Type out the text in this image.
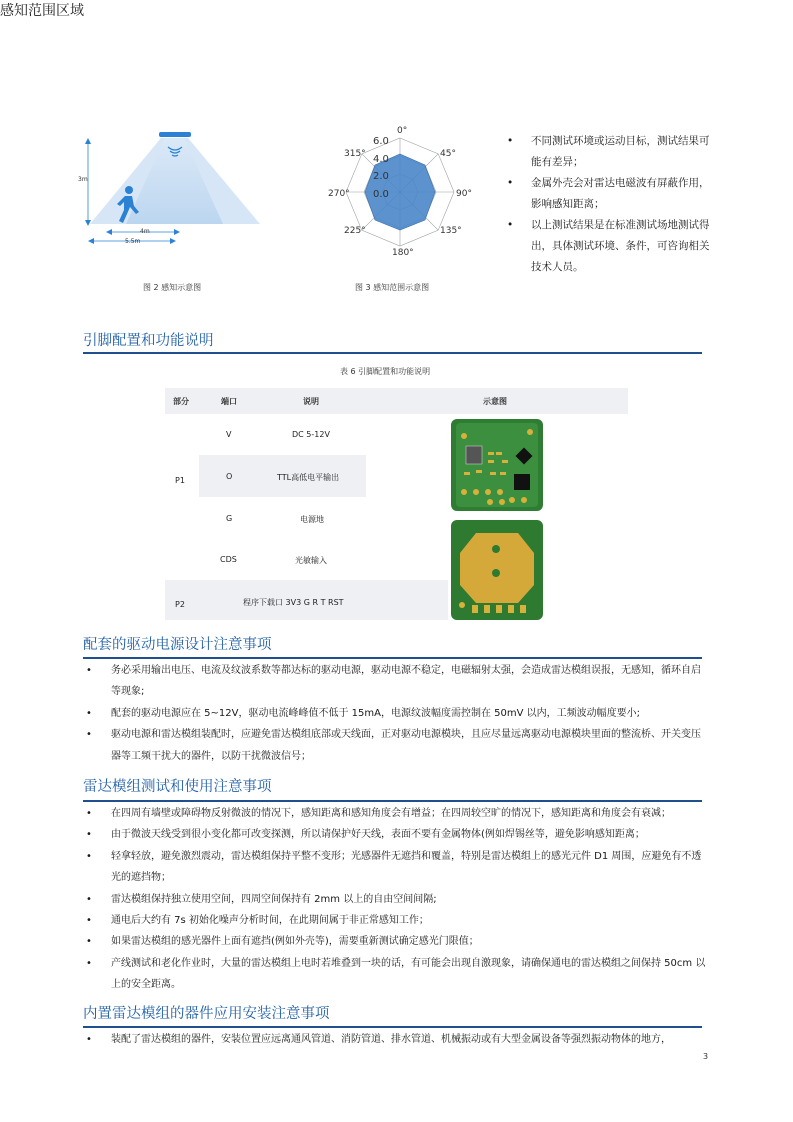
感知范围区域
3m
4m
5.5m
图 2 感知示意图
6.0
4.0
2.0
0.0
0°
45°
90°
135°
180°
225°
270°
315°
图 3 感知范围示意图
• 不同测试环境或运动目标，测试结果可能有差异；
• 金属外壳会对雷达电磁波有屏蔽作用，影响感知距离；
• 以上测试结果是在标准测试场地测试得出，具体测试环境、条件，可咨询相关技术人员。
引脚配置和功能说明
表 6 引脚配置和功能说明
部分	端口	说明	示意图
V	DC 5-12V
O	TTL高低电平输出
P1
G	电源地
CDS	光敏输入
P2	程序下载口 3V3 G R T RST
配套的驱动电源设计注意事项
• 务必采用输出电压、电流及纹波系数等都达标的驱动电源，驱动电源不稳定，电磁辐射太强，会造成雷达模组误报，无感知，循环自启等现象;
• 配套的驱动电源应在 5~12V，驱动电流峰峰值不低于 15mA，电源纹波幅度需控制在 50mV 以内，工频波动幅度要小;
• 驱动电源和雷达模组装配时，应避免雷达模组底部或天线面，正对驱动电源模块，且应尽量远离驱动电源模块里面的整流桥、开关变压器等工频干扰大的器件，以防干扰微波信号；
雷达模组测试和使用注意事项
• 在四周有墙壁或障碍物反射微波的情况下，感知距离和感知角度会有增益；在四周较空旷的情况下，感知距离和角度会有衰减；
• 由于微波天线受到很小变化都可改变探测，所以请保护好天线，表面不要有金属物体(例如焊锡丝等，避免影响感知距离；
• 轻拿轻放，避免激烈震动，雷达模组保持平整不变形；光感器件无遮挡和覆盖，特别是雷达模组上的感光元件 D1 周围，应避免有不透光的遮挡物；
• 雷达模组保持独立使用空间，四周空间保持有 2mm 以上的自由空间间隔;
• 通电后大约有 7s 初始化噪声分析时间，在此期间属于非正常感知工作；
• 如果雷达模组的感光器件上面有遮挡(例如外壳等)，需要重新测试确定感光门限值；
• 产线测试和老化作业时，大量的雷达模组上电时若堆叠到一块的话，有可能会出现自激现象，请确保通电的雷达模组之间保持 50cm 以上的安全距离。
内置雷达模组的器件应用安装注意事项
• 装配了雷达模组的器件，安装位置应远离通风管道、消防管道、排水管道、机械振动或有大型金属设备等强烈振动物体的地方，
3
